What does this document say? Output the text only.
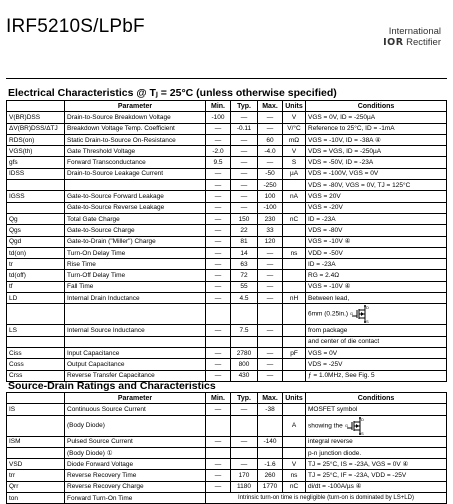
IRF5210S/LPbF	International
IOR Rectifier
Electrical Characteristics @ Tⱼ = 25°C (unless otherwise specified)
	Parameter	Min.	Typ.	Max.	Units	Conditions
V(BR)DSS	Drain-to-Source Breakdown Voltage	-100	—	—	V	VGS = 0V, ID = -250µA
ΔV(BR)DSS/ΔTJ	Breakdown Voltage Temp. Coefficient	—	-0.11	—	V/°C	Reference to 25°C, ID = -1mA
RDS(on)	Static Drain-to-Source On-Resistance	—	—	60	mΩ	VGS = -10V, ID = -38A ④
VGS(th)	Gate Threshold Voltage	-2.0	—	-4.0	V	VDS = VGS, ID = -250µA
gfs	Forward Transconductance	9.5	—	—	S	VDS = -50V, ID = -23A
IDSS	Drain-to-Source Leakage Current	—	—	-50	µA	VDS = -100V, VGS = 0V
		—	—	-250		VDS = -80V, VGS = 0V, TJ = 125°C
IGSS	Gate-to-Source Forward Leakage	—	—	100	nA	VGS = 20V
	Gate-to-Source Reverse Leakage	—	—	-100		VGS = -20V
Qg	Total Gate Charge	—	150	230	nC	ID = -23A
Qgs	Gate-to-Source Charge	—	22	33		VDS = -80V
Qgd	Gate-to-Drain ("Miller") Charge	—	81	120		VGS = -10V ④
td(on)	Turn-On Delay Time	—	14	—	ns	VDD = -50V
tr	Rise Time	—	63	—		ID = -23A
td(off)	Turn-Off Delay Time	—	72	—		RG = 2.4Ω
tf	Fall Time	—	55	—		VGS = -10V ④
LD	Internal Drain Inductance	—	4.5	—	nH	Between lead,
						6mm (0.25in.)
D
G
S

LS	Internal Source Inductance	—	7.5	—		from package
						and center of die contact
Ciss	Input Capacitance	—	2780	—	pF	VGS = 0V
Coss	Output Capacitance	—	800	—		VDS = -25V
Crss	Reverse Transfer Capacitance	—	430	—		ƒ = 1.0MHz, See Fig. 5
Source-Drain Ratings and Characteristics
	Parameter	Min.	Typ.	Max.	Units	Conditions
IS	Continuous Source Current	—	—	-38		MOSFET symbol
	(Body Diode)				A	showing the
D
G
S

ISM	Pulsed Source Current	—	—	-140		integral reverse
	(Body Diode) ①					p-n junction diode.
VSD	Diode Forward Voltage	—	—	-1.6	V	TJ = 25°C, IS = -23A, VGS = 0V ④
trr	Reverse Recovery Time	—	170	260	ns	TJ = 25°C, IF = -23A, VDD = -25V
Qrr	Reverse Recovery Charge	—	1180	1770	nC	di/dt = -100A/µs ④
ton	Forward Turn-On Time	Intrinsic turn-on time is negligible (turn-on is dominated by LS+LD)				
